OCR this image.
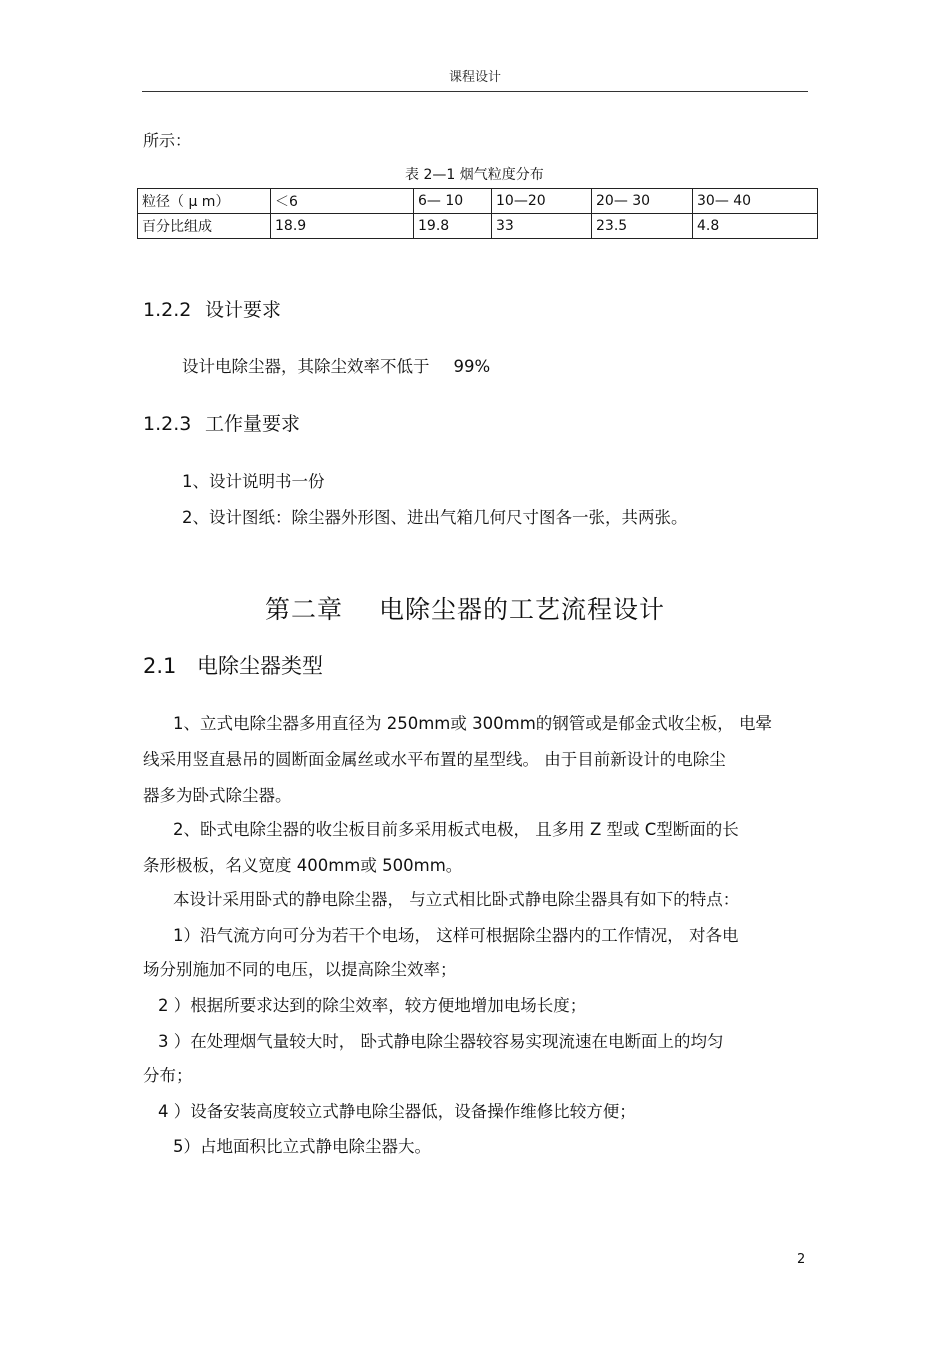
课程设计
所示：
表 2—1 烟气粒度分布
粒径（ μ m）	＜6	6— 10	10—20	20— 30	30— 40
百分比组成	18.9	19.8	33	23.5	4.8
1.2.2 设计要求
设计电除尘器，其除尘效率不低于 99%
1.2.3 工作量要求
1、设计说明书一份
2、设计图纸：除尘器外形图、进出气箱几何尺寸图各一张，共两张。
第二章 电除尘器的工艺流程设计
2.1 电除尘器类型
1、立式电除尘器多用直径为 250mm或 300mm的钢管或是郁金式收尘板， 电晕
线采用竖直悬吊的圆断面金属丝或水平布置的星型线。 由于目前新设计的电除尘
器多为卧式除尘器。
2、卧式电除尘器的收尘板目前多采用板式电极， 且多用 Z 型或 C型断面的长
条形极板，名义宽度 400mm或 500mm。
本设计采用卧式的静电除尘器， 与立式相比卧式静电除尘器具有如下的特点：
1）沿气流方向可分为若干个电场， 这样可根据除尘器内的工作情况， 对各电
场分别施加不同的电压，以提高除尘效率；
2 ）根据所要求达到的除尘效率，较方便地增加电场长度；
3 ）在处理烟气量较大时， 卧式静电除尘器较容易实现流速在电断面上的均匀
分布；
4 ）设备安装高度较立式静电除尘器低，设备操作维修比较方便；
5）占地面积比立式静电除尘器大。
2
